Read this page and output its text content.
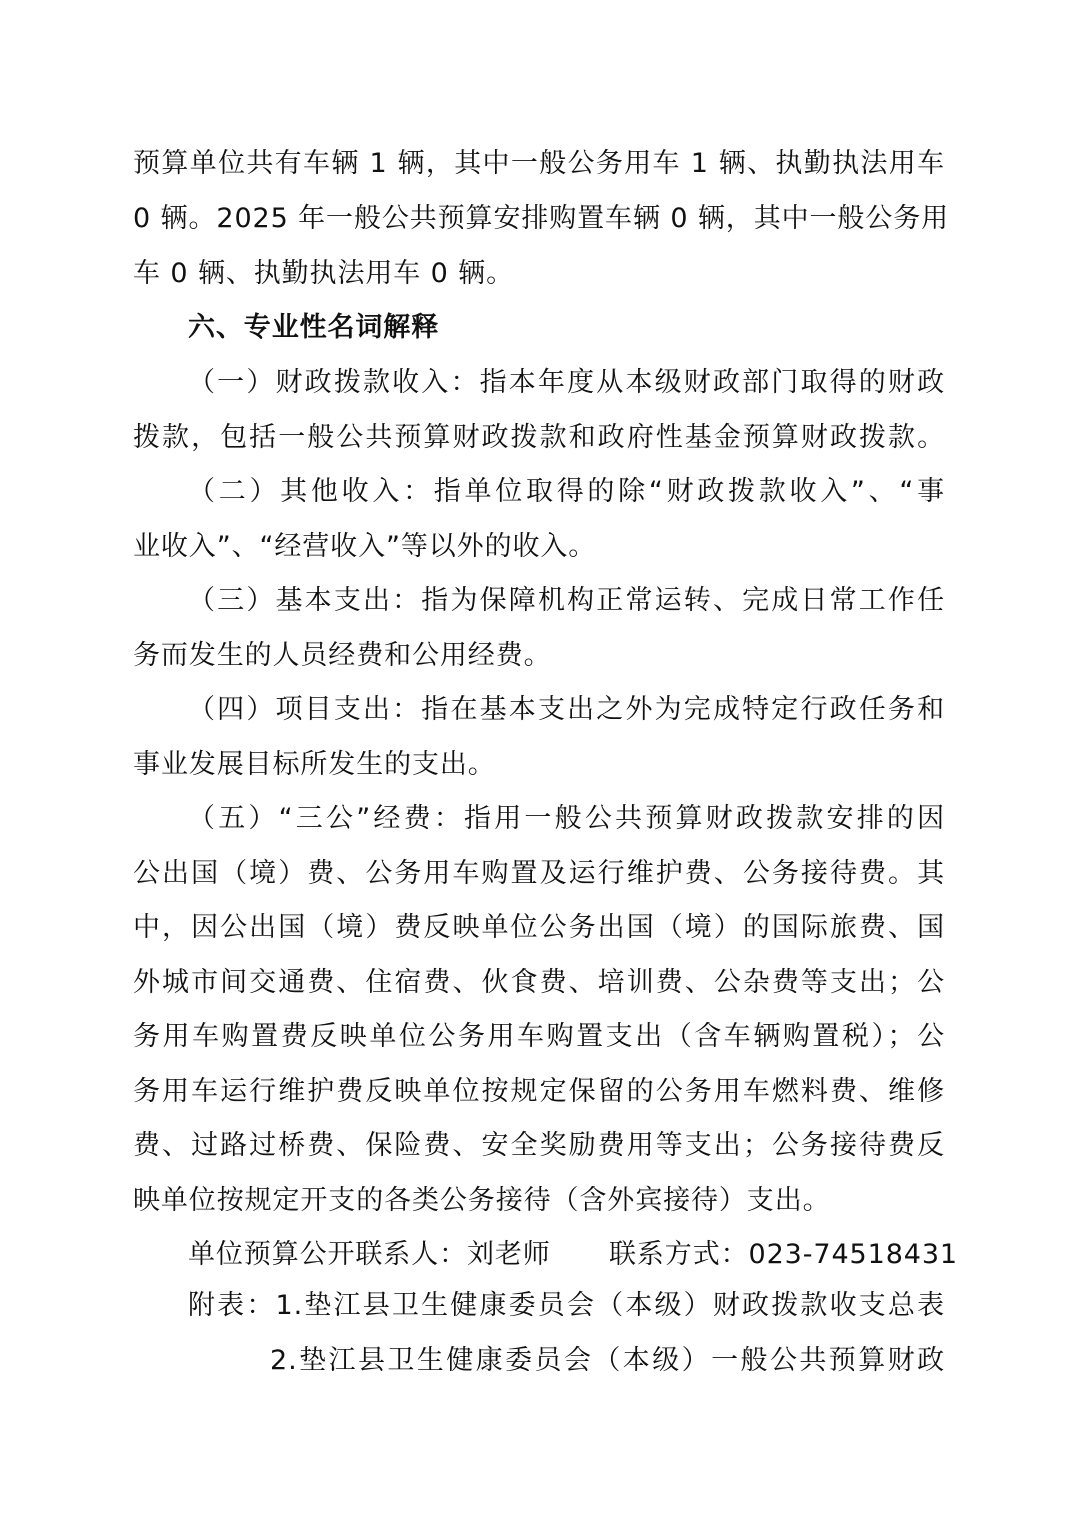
预算单位共有车辆 1 辆，其中一般公务用车 1 辆、执勤执法用车
0 辆。2025 年一般公共预算安排购置车辆 0 辆，其中一般公务用
车 0 辆、执勤执法用车 0 辆。
六、专业性名词解释
（一）财政拨款收入：指本年度从本级财政部门取得的财政
拨款，包括一般公共预算财政拨款和政府性基金预算财政拨款。
（二）其他收入：指单位取得的除“财政拨款收入”、“事
业收入”、“经营收入”等以外的收入。
（三）基本支出：指为保障机构正常运转、完成日常工作任
务而发生的人员经费和公用经费。
（四）项目支出：指在基本支出之外为完成特定行政任务和
事业发展目标所发生的支出。
（五）“三公”经费：指用一般公共预算财政拨款安排的因
公出国（境）费、公务用车购置及运行维护费、公务接待费。其
中，因公出国（境）费反映单位公务出国（境）的国际旅费、国
外城市间交通费、住宿费、伙食费、培训费、公杂费等支出；公
务用车购置费反映单位公务用车购置支出（含车辆购置税）；公
务用车运行维护费反映单位按规定保留的公务用车燃料费、维修
费、过路过桥费、保险费、安全奖励费用等支出；公务接待费反
映单位按规定开支的各类公务接待（含外宾接待）支出。
单位预算公开联系人：刘老师 联系方式：023-74518431
附表：1.垫江县卫生健康委员会（本级）财政拨款收支总表
2.垫江县卫生健康委员会（本级）一般公共预算财政
